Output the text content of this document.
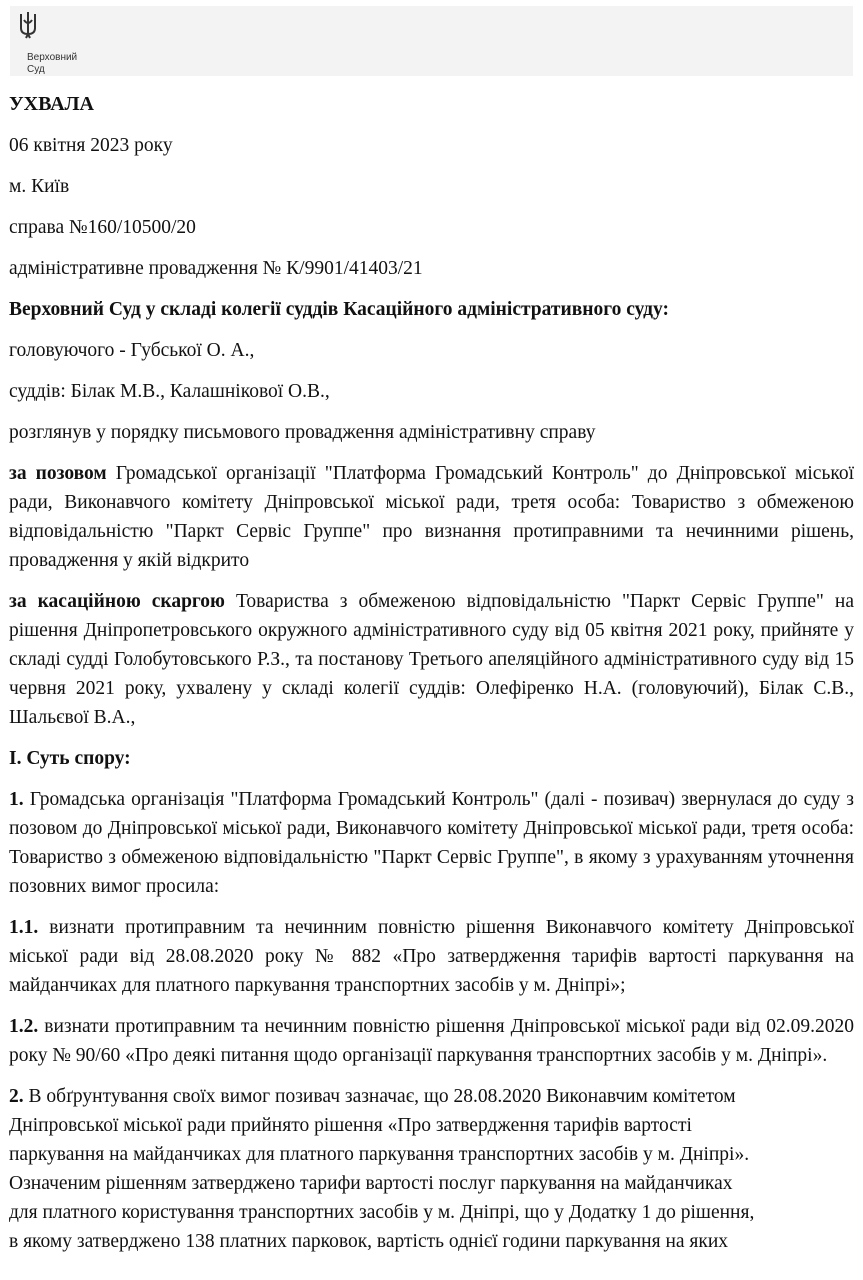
Верховний
Суд

УХВАЛА

06 квітня 2023 року

м. Київ

справа №160/10500/20

адміністративне провадження № К/9901/41403/21

Верховний Суд у складі колегії суддів Касаційного адміністративного суду:

головуючого - Губської О. А.,

суддів: Білак М.В., Калашнікової О.В.,

розглянув у порядку письмового провадження адміністративну справу

за позовом Громадської організації "Платформа Громадський Контроль" до Дніпровської міської ради, Виконавчого комітету Дніпровської міської ради, третя особа: Товариство з обмеженою відповідальністю "Паркт Сервіс Группе" про визнання протиправними та нечинними рішень, провадження у якій відкрито

за касаційною скаргою Товариства з обмеженою відповідальністю "Паркт Сервіс Группе" на рішення Дніпропетровського окружного адміністративного суду від 05 квітня 2021 року, прийняте у складі судді Голобутовського Р.З., та постанову Третього апеляційного адміністративного суду від 15 червня 2021 року, ухвалену у складі колегії суддів: Олефіренко Н.А. (головуючий), Білак С.В., Шальєвої В.А.,

І. Суть спору:

1. Громадська організація "Платформа Громадський Контроль" (далі - позивач) звернулася до суду з позовом до Дніпровської міської ради, Виконавчого комітету Дніпровської міської ради, третя особа: Товариство з обмеженою відповідальністю "Паркт Сервіс Группе", в якому з урахуванням уточнення позовних вимог просила:

1.1. визнати протиправним та нечинним повністю рішення Виконавчого комітету Дніпровської міської ради від 28.08.2020 року № 882 «Про затвердження тарифів вартості паркування на майданчиках для платного паркування транспортних засобів у м. Дніпрі»;

1.2. визнати протиправним та нечинним повністю рішення Дніпровської міської ради від 02.09.2020 року № 90/60 «Про деякі питання щодо організації паркування транспортних засобів у м. Дніпрі».

2. В обґрунтування своїх вимог позивач зазначає, що 28.08.2020 Виконавчим комітетом
Дніпровської міської ради прийнято рішення «Про затвердження тарифів вартості
паркування на майданчиках для платного паркування транспортних засобів у м. Дніпрі».
Означеним рішенням затверджено тарифи вартості послуг паркування на майданчиках
для платного користування транспортних засобів у м. Дніпрі, що у Додатку 1 до рішення,
в якому затверджено 138 платних парковок, вартість однієї години паркування на яких
